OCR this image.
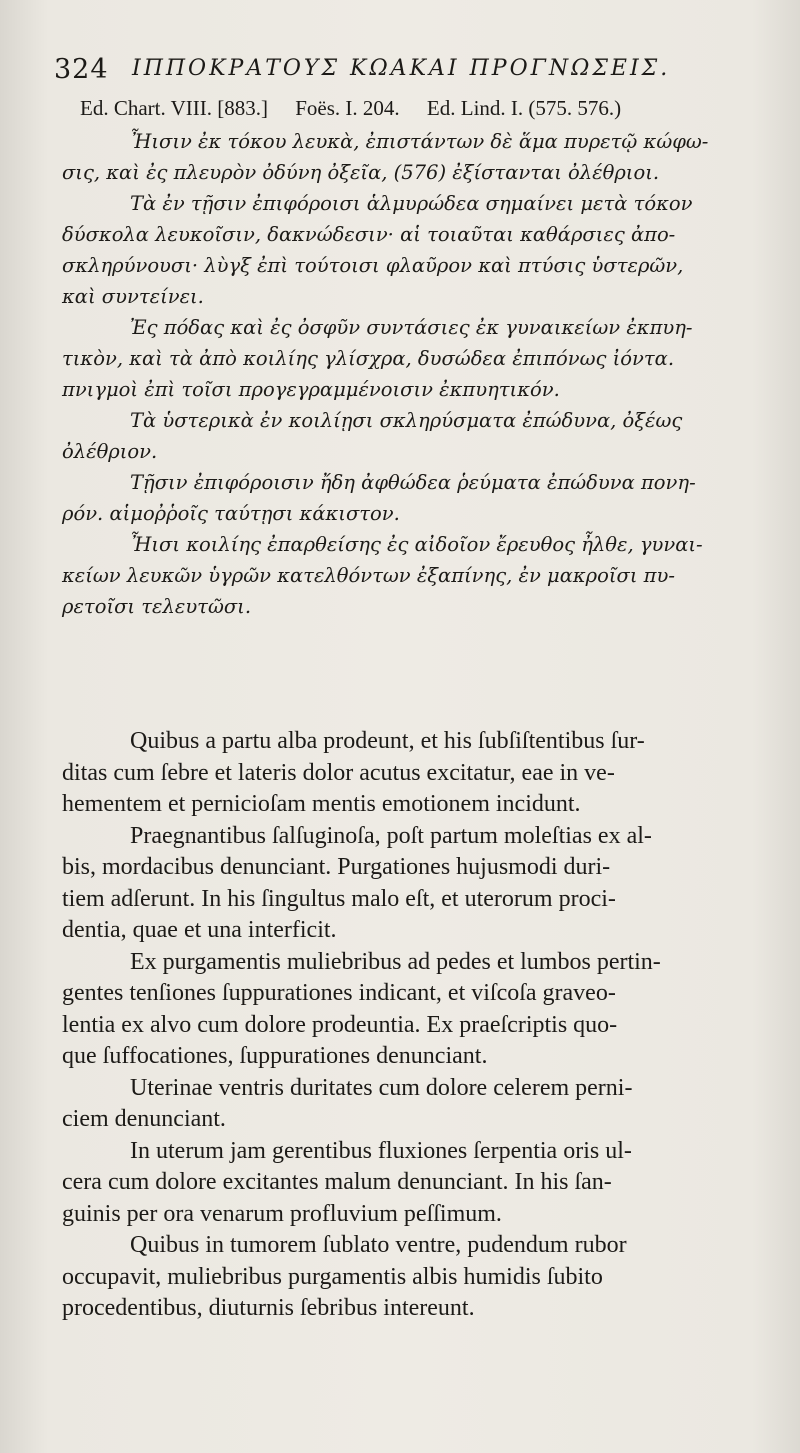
324 ΙΠΠΟΚΡΑΤΟΥΣ ΚΩΑΚΑΙ ΠΡΟΓΝΩΣΕΙΣ.
Ed. Chart. VIII. [883.] Foës. I. 204. Ed. Lind. I. (575. 576.)

Ἦισιν ἐκ τόκου λευκὰ, ἐπιστάντων δὲ ἅμα πυρετῷ κώφω-
σις, καὶ ἐς πλευρὸν ὀδύνη ὀξεῖα, (576) ἐξίστανται ὀλέθριοι.

Τὰ ἐν τῇσιν ἐπιφόροισι ἁλμυρώδεα σημαίνει μετὰ τόκον
δύσκολα λευκοῖσιν, δακνώδεσιν· αἱ τοιαῦται καθάρσιες ἀπο-
σκληρύνουσι· λὺγξ ἐπὶ τούτοισι φλαῦρον καὶ πτύσις ὑστερῶν,
καὶ συντείνει.

Ἐς πόδας καὶ ἐς ὀσφῦν συντάσιες ἐκ γυναικείων ἐκπυη-
τικὸν, καὶ τὰ ἀπὸ κοιλίης γλίσχρα, δυσώδεα ἐπιπόνως ἰόντα.
πνιγμοὶ ἐπὶ τοῖσι προγεγραμμένοισιν ἐκπυητικόν.

Τὰ ὑστερικὰ ἐν κοιλίῃσι σκληρύσματα ἐπώδυνα, ὀξέως
ὀλέθριον.

Τῇσιν ἐπιφόροισιν ἤδη ἀφθώδεα ῥεύματα ἐπώδυνα πονη-
ρόν. αἱμοῤῥοῖς ταύτῃσι κάκιστον.

Ἦισι κοιλίης ἐπαρθείσης ἐς αἰδοῖον ἔρευθος ἦλθε, γυναι-
κείων λευκῶν ὑγρῶν κατελθόντων ἐξαπίνης, ἐν μακροῖσι πυ-
ρετοῖσι τελευτῶσι.

Quibus a partu alba prodeunt, et his ſubſiſtentibus ſur-
ditas cum ſebre et lateris dolor acutus excitatur, eae in ve-
hementem et pernicioſam mentis emotionem incidunt.

Praegnantibus ſalſuginoſa, poſt partum moleſtias ex al-
bis, mordacibus denunciant. Purgationes hujusmodi duri-
tiem adſerunt. In his ſingultus malo eſt, et uterorum proci-
dentia, quae et una interficit.

Ex purgamentis muliebribus ad pedes et lumbos pertin-
gentes tenſiones ſuppurationes indicant, et viſcoſa graveo-
lentia ex alvo cum dolore prodeuntia. Ex praeſcriptis quo-
que ſuffocationes, ſuppurationes denunciant.

Uterinae ventris duritates cum dolore celerem perni-
ciem denunciant.

In uterum jam gerentibus fluxiones ſerpentia oris ul-
cera cum dolore excitantes malum denunciant. In his ſan-
guinis per ora venarum profluvium peſſimum.

Quibus in tumorem ſublato ventre, pudendum rubor
occupavit, muliebribus purgamentis albis humidis ſubito
procedentibus, diuturnis ſebribus intereunt.
